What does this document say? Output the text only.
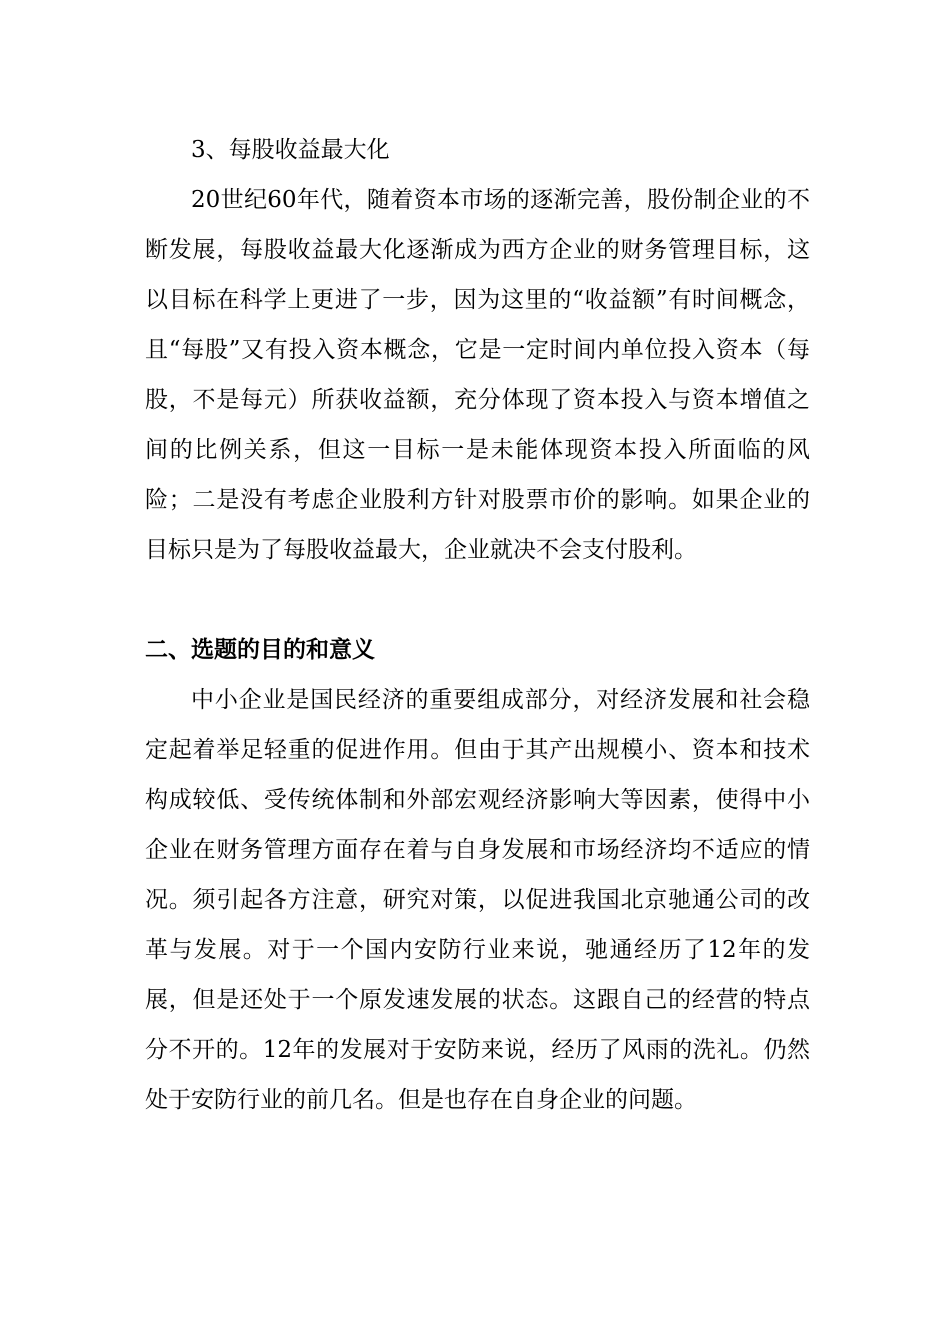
3、每股收益最大化

20世纪60年代，随着资本市场的逐渐完善，股份制企业的不断发展，每股收益最大化逐渐成为西方企业的财务管理目标，这以目标在科学上更进了一步，因为这里的“收益额”有时间概念，且“每股”又有投入资本概念，它是一定时间内单位投入资本（每股，不是每元）所获收益额，充分体现了资本投入与资本增值之间的比例关系，但这一目标一是未能体现资本投入所面临的风险；二是没有考虑企业股利方针对股票市价的影响。如果企业的目标只是为了每股收益最大，企业就决不会支付股利。

二、选题的目的和意义

中小企业是国民经济的重要组成部分，对经济发展和社会稳定起着举足轻重的促进作用。但由于其产出规模小、资本和技术构成较低、受传统体制和外部宏观经济影响大等因素，使得中小企业在财务管理方面存在着与自身发展和市场经济均不适应的情况。须引起各方注意，研究对策，以促进我国北京驰通公司的改革与发展。对于一个国内安防行业来说，驰通经历了12年的发展，但是还处于一个原发速发展的状态。这跟自己的经营的特点分不开的。12年的发展对于安防来说，经历了风雨的洗礼。仍然处于安防行业的前几名。但是也存在自身企业的问题。
